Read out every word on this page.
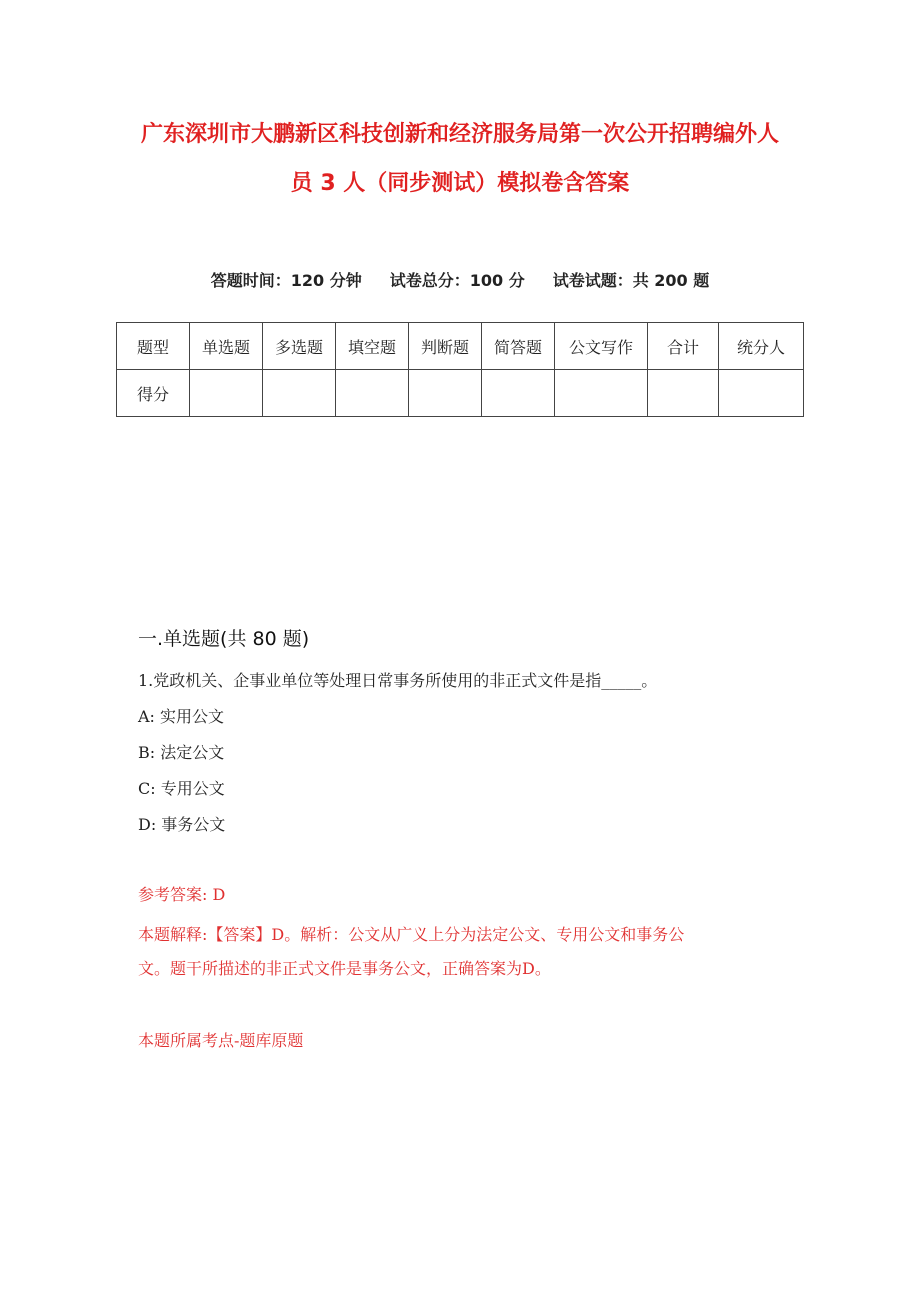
广东深圳市大鹏新区科技创新和经济服务局第一次公开招聘编外人
员 3 人（同步测试）模拟卷含答案
答题时间：120 分钟 试卷总分：100 分 试卷试题：共 200 题
题型	单选题	多选题	填空题	判断题	简答题	公文写作	合计	统分人
得分								
一.单选题(共 80 题)
1.党政机关、企事业单位等处理日常事务所使用的非正式文件是指_____。
A: 实用公文
B: 法定公文
C: 专用公文
D: 事务公文
参考答案: D
本题解释:【答案】D。解析：公文从广义上分为法定公文、专用公文和事务公
文。题干所描述的非正式文件是事务公文，正确答案为D。
本题所属考点-题库原题
